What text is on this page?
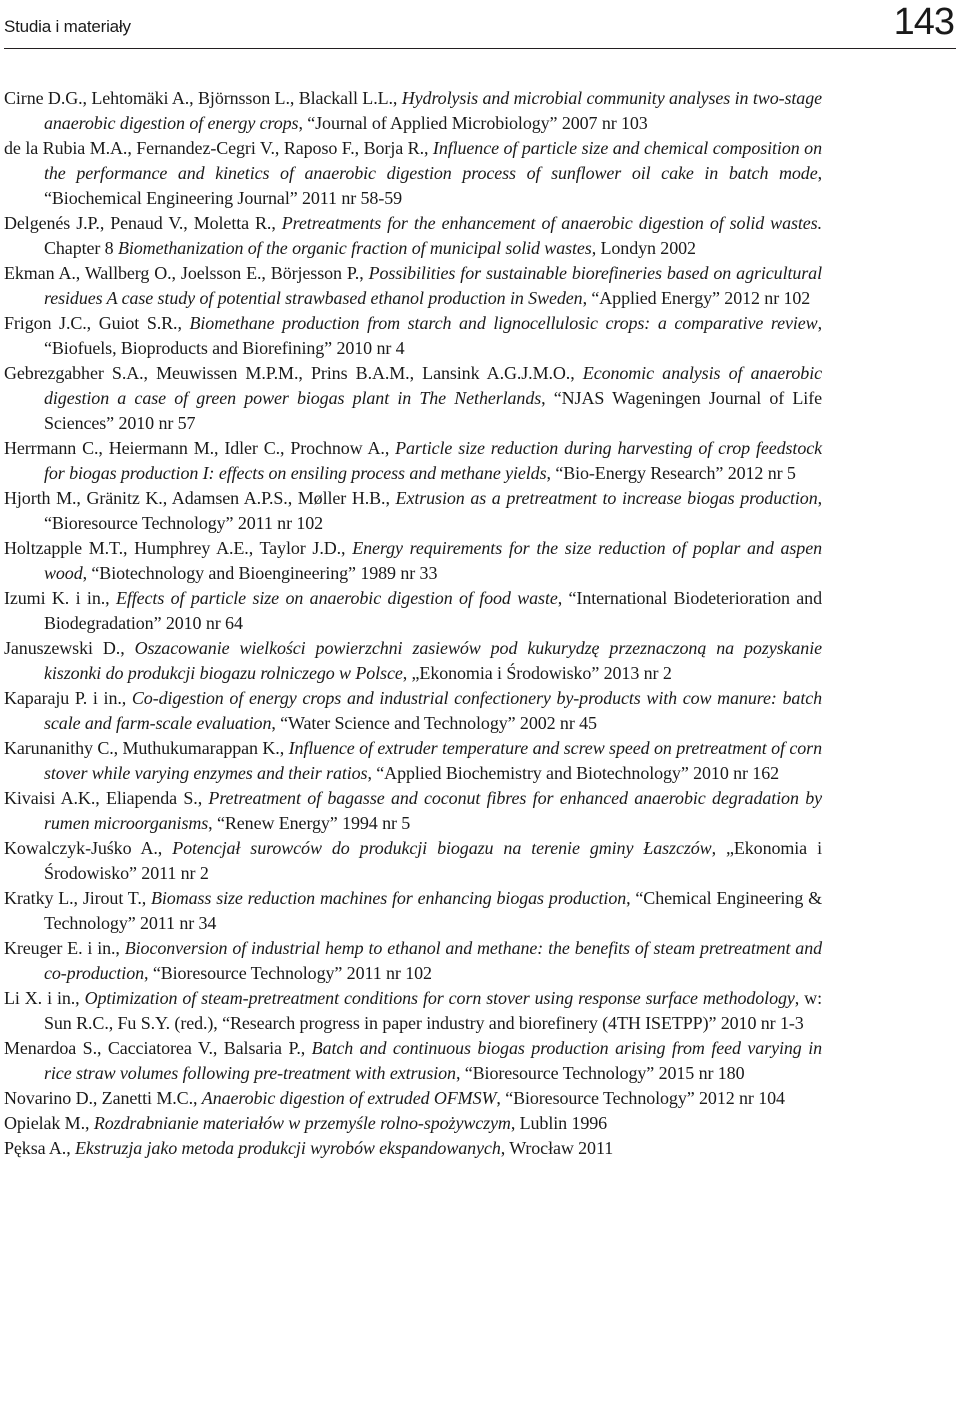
Studia i materiały	143
Cirne D.G., Lehtomäki A., Björnsson L., Blackall L.L., Hydrolysis and microbial community analyses in two-stage anaerobic digestion of energy crops, “Journal of Applied Microbiology” 2007 nr 103
de la Rubia M.A., Fernandez-Cegri V., Raposo F., Borja R., Influence of particle size and chemical composition on the performance and kinetics of anaerobic digestion process of sunflower oil cake in batch mode, “Biochemical Engineering Journal” 2011 nr 58-59
Delgenés J.P., Penaud V., Moletta R., Pretreatments for the enhancement of anaerobic digestion of solid wastes. Chapter 8 Biomethanization of the organic fraction of municipal solid wastes, Londyn 2002
Ekman A., Wallberg O., Joelsson E., Börjesson P., Possibilities for sustainable biorefineries based on agricultural residues A case study of potential strawbased ethanol production in Sweden, “Applied Energy” 2012 nr 102
Frigon J.C., Guiot S.R., Biomethane production from starch and lignocellulosic crops: a comparative review, “Biofuels, Bioproducts and Biorefining” 2010 nr 4
Gebrezgabher S.A., Meuwissen M.P.M., Prins B.A.M., Lansink A.G.J.M.O., Economic analysis of anaerobic digestion a case of green power biogas plant in The Netherlands, “NJAS Wageningen Journal of Life Sciences” 2010 nr 57
Herrmann C., Heiermann M., Idler C., Prochnow A., Particle size reduction during harvesting of crop feedstock for biogas production I: effects on ensiling process and methane yields, “Bio-Energy Research” 2012 nr 5
Hjorth M., Gränitz K., Adamsen A.P.S., Møller H.B., Extrusion as a pretreatment to increase biogas production, “Bioresource Technology” 2011 nr 102
Holtzapple M.T., Humphrey A.E., Taylor J.D., Energy requirements for the size reduction of poplar and aspen wood, “Biotechnology and Bioengineering” 1989 nr 33
Izumi K. i in., Effects of particle size on anaerobic digestion of food waste, “International Biodeterioration and Biodegradation” 2010 nr 64
Januszewski D., Oszacowanie wielkości powierzchni zasiewów pod kukurydzę przeznaczoną na pozyskanie kiszonki do produkcji biogazu rolniczego w Polsce, „Ekonomia i Środowisko” 2013 nr 2
Kaparaju P. i in., Co-digestion of energy crops and industrial confectionery by-products with cow manure: batch scale and farm-scale evaluation, “Water Science and Technology” 2002 nr 45
Karunanithy C., Muthukumarappan K., Influence of extruder temperature and screw speed on pretreatment of corn stover while varying enzymes and their ratios, “Applied Biochemistry and Biotechnology” 2010 nr 162
Kivaisi A.K., Eliapenda S., Pretreatment of bagasse and coconut fibres for enhanced anaerobic degradation by rumen microorganisms, “Renew Energy” 1994 nr 5
Kowalczyk-Juśko A., Potencjał surowców do produkcji biogazu na terenie gminy Łaszczów, „Ekonomia i Środowisko” 2011 nr 2
Kratky L., Jirout T., Biomass size reduction machines for enhancing biogas production, “Chemical Engineering & Technology” 2011 nr 34
Kreuger E. i in., Bioconversion of industrial hemp to ethanol and methane: the benefits of steam pretreatment and co-production, “Bioresource Technology” 2011 nr 102
Li X. i in., Optimization of steam-pretreatment conditions for corn stover using response surface methodology, w: Sun R.C., Fu S.Y. (red.), “Research progress in paper industry and biorefinery (4TH ISETPP)” 2010 nr 1-3
Menardoa S., Cacciatorea V., Balsaria P., Batch and continuous biogas production arising from feed varying in rice straw volumes following pre-treatment with extrusion, “Bioresource Technology” 2015 nr 180
Novarino D., Zanetti M.C., Anaerobic digestion of extruded OFMSW, “Bioresource Technology” 2012 nr 104
Opielak M., Rozdrabnianie materiałów w przemyśle rolno-spożywczym, Lublin 1996
Pęksa A., Ekstruzja jako metoda produkcji wyrobów ekspandowanych, Wrocław 2011
